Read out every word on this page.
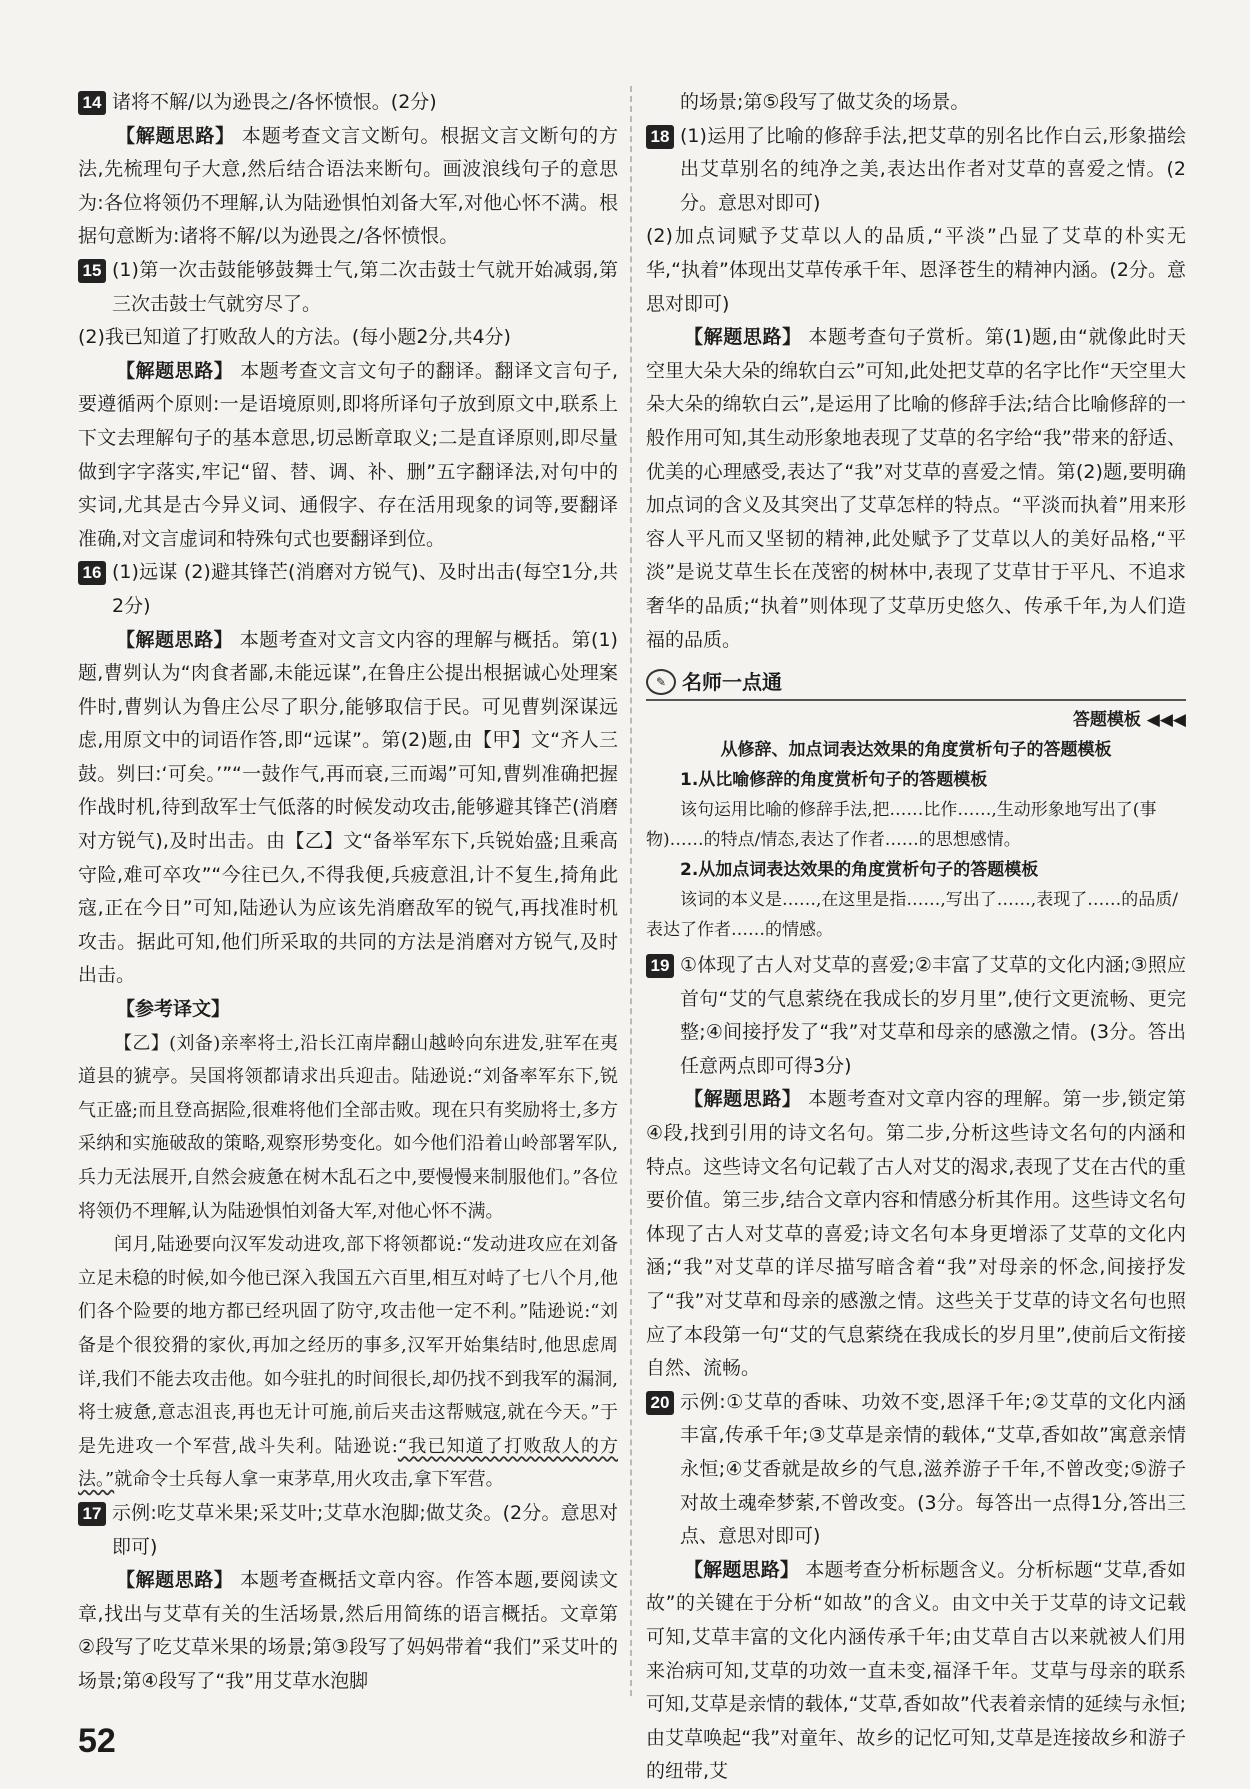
14 诸将不解/以为逊畏之/各怀愤恨。(2分)

【解题思路】 本题考查文言文断句。根据文言文断句的方法,先梳理句子大意,然后结合语法来断句。画波浪线句子的意思为:各位将领仍不理解,认为陆逊惧怕刘备大军,对他心怀不满。根据句意断为:诸将不解/以为逊畏之/各怀愤恨。

15 (1)第一次击鼓能够鼓舞士气,第二次击鼓士气就开始减弱,第三次击鼓士气就穷尽了。

(2)我已知道了打败敌人的方法。(每小题2分,共4分)

【解题思路】 本题考查文言文句子的翻译。翻译文言句子,要遵循两个原则:一是语境原则,即将所译句子放到原文中,联系上下文去理解句子的基本意思,切忌断章取义;二是直译原则,即尽量做到字字落实,牢记“留、替、调、补、删”五字翻译法,对句中的实词,尤其是古今异义词、通假字、存在活用现象的词等,要翻译准确,对文言虚词和特殊句式也要翻译到位。

16 (1)远谋 (2)避其锋芒(消磨对方锐气)、及时出击(每空1分,共2分)

【解题思路】 本题考查对文言文内容的理解与概括。第(1)题,曹刿认为“肉食者鄙,未能远谋”,在鲁庄公提出根据诚心处理案件时,曹刿认为鲁庄公尽了职分,能够取信于民。可见曹刿深谋远虑,用原文中的词语作答,即“远谋”。第(2)题,由【甲】文“齐人三鼓。刿曰:‘可矣。’”“一鼓作气,再而衰,三而竭”可知,曹刿准确把握作战时机,待到敌军士气低落的时候发动攻击,能够避其锋芒(消磨对方锐气),及时出击。由【乙】文“备举军东下,兵锐始盛;且乘高守险,难可卒攻”“今往已久,不得我便,兵疲意沮,计不复生,掎角此寇,正在今日”可知,陆逊认为应该先消磨敌军的锐气,再找准时机攻击。据此可知,他们所采取的共同的方法是消磨对方锐气,及时出击。

【参考译文】

【乙】(刘备)亲率将士,沿长江南岸翻山越岭向东进发,驻军在夷道县的猇亭。吴国将领都请求出兵迎击。陆逊说:“刘备率军东下,锐气正盛;而且登高据险,很难将他们全部击败。现在只有奖励将士,多方采纳和实施破敌的策略,观察形势变化。如今他们沿着山岭部署军队,兵力无法展开,自然会疲惫在树木乱石之中,要慢慢来制服他们。”各位将领仍不理解,认为陆逊惧怕刘备大军,对他心怀不满。

闰月,陆逊要向汉军发动进攻,部下将领都说:“发动进攻应在刘备立足未稳的时候,如今他已深入我国五六百里,相互对峙了七八个月,他们各个险要的地方都已经巩固了防守,攻击他一定不利。”陆逊说:“刘备是个很狡猾的家伙,再加之经历的事多,汉军开始集结时,他思虑周详,我们不能去攻击他。如今驻扎的时间很长,却仍找不到我军的漏洞,将士疲惫,意志沮丧,再也无计可施,前后夹击这帮贼寇,就在今天。”于是先进攻一个军营,战斗失利。陆逊说:“我已知道了打败敌人的方法。”就命令士兵每人拿一束茅草,用火攻击,拿下军营。

17 示例:吃艾草米果;采艾叶;艾草水泡脚;做艾灸。(2分。意思对即可)

【解题思路】 本题考查概括文章内容。作答本题,要阅读文章,找出与艾草有关的生活场景,然后用简练的语言概括。文章第②段写了吃艾草米果的场景;第③段写了妈妈带着“我们”采艾叶的场景;第④段写了“我”用艾草水泡脚

的场景;第⑤段写了做艾灸的场景。

18 (1)运用了比喻的修辞手法,把艾草的别名比作白云,形象描绘出艾草别名的纯净之美,表达出作者对艾草的喜爱之情。(2分。意思对即可)

(2)加点词赋予艾草以人的品质,“平淡”凸显了艾草的朴实无华,“执着”体现出艾草传承千年、恩泽苍生的精神内涵。(2分。意思对即可)

【解题思路】 本题考查句子赏析。第(1)题,由“就像此时天空里大朵大朵的绵软白云”可知,此处把艾草的名字比作“天空里大朵大朵的绵软白云”,是运用了比喻的修辞手法;结合比喻修辞的一般作用可知,其生动形象地表现了艾草的名字给“我”带来的舒适、优美的心理感受,表达了“我”对艾草的喜爱之情。第(2)题,要明确加点词的含义及其突出了艾草怎样的特点。“平淡而执着”用来形容人平凡而又坚韧的精神,此处赋予了艾草以人的美好品格,“平淡”是说艾草生长在茂密的树林中,表现了艾草甘于平凡、不追求奢华的品质;“执着”则体现了艾草历史悠久、传承千年,为人们造福的品质。

✎ 名师一点通
答题模板 ◀◀◀
从修辞、加点词表达效果的角度赏析句子的答题模板
1.从比喻修辞的角度赏析句子的答题模板
该句运用比喻的修辞手法,把……比作……,生动形象地写出了(事物)……的特点/情态,表达了作者……的思想感情。
2.从加点词表达效果的角度赏析句子的答题模板
该词的本义是……,在这里是指……,写出了……,表现了……的品质/表达了作者……的情感。
19 ①体现了古人对艾草的喜爱;②丰富了艾草的文化内涵;③照应首句“艾的气息萦绕在我成长的岁月里”,使行文更流畅、更完整;④间接抒发了“我”对艾草和母亲的感激之情。(3分。答出任意两点即可得3分)

【解题思路】 本题考查对文章内容的理解。第一步,锁定第④段,找到引用的诗文名句。第二步,分析这些诗文名句的内涵和特点。这些诗文名句记载了古人对艾的渴求,表现了艾在古代的重要价值。第三步,结合文章内容和情感分析其作用。这些诗文名句体现了古人对艾草的喜爱;诗文名句本身更增添了艾草的文化内涵;“我”对艾草的详尽描写暗含着“我”对母亲的怀念,间接抒发了“我”对艾草和母亲的感激之情。这些关于艾草的诗文名句也照应了本段第一句“艾的气息萦绕在我成长的岁月里”,使前后文衔接自然、流畅。

20 示例:①艾草的香味、功效不变,恩泽千年;②艾草的文化内涵丰富,传承千年;③艾草是亲情的载体,“艾草,香如故”寓意亲情永恒;④艾香就是故乡的气息,滋养游子千年,不曾改变;⑤游子对故土魂牵梦萦,不曾改变。(3分。每答出一点得1分,答出三点、意思对即可)

【解题思路】 本题考查分析标题含义。分析标题“艾草,香如故”的关键在于分析“如故”的含义。由文中关于艾草的诗文记载可知,艾草丰富的文化内涵传承千年;由艾草自古以来就被人们用来治病可知,艾草的功效一直未变,福泽千年。艾草与母亲的联系可知,艾草是亲情的载体,“艾草,香如故”代表着亲情的延续与永恒;由艾草唤起“我”对童年、故乡的记忆可知,艾草是连接故乡和游子的纽带,艾

52
